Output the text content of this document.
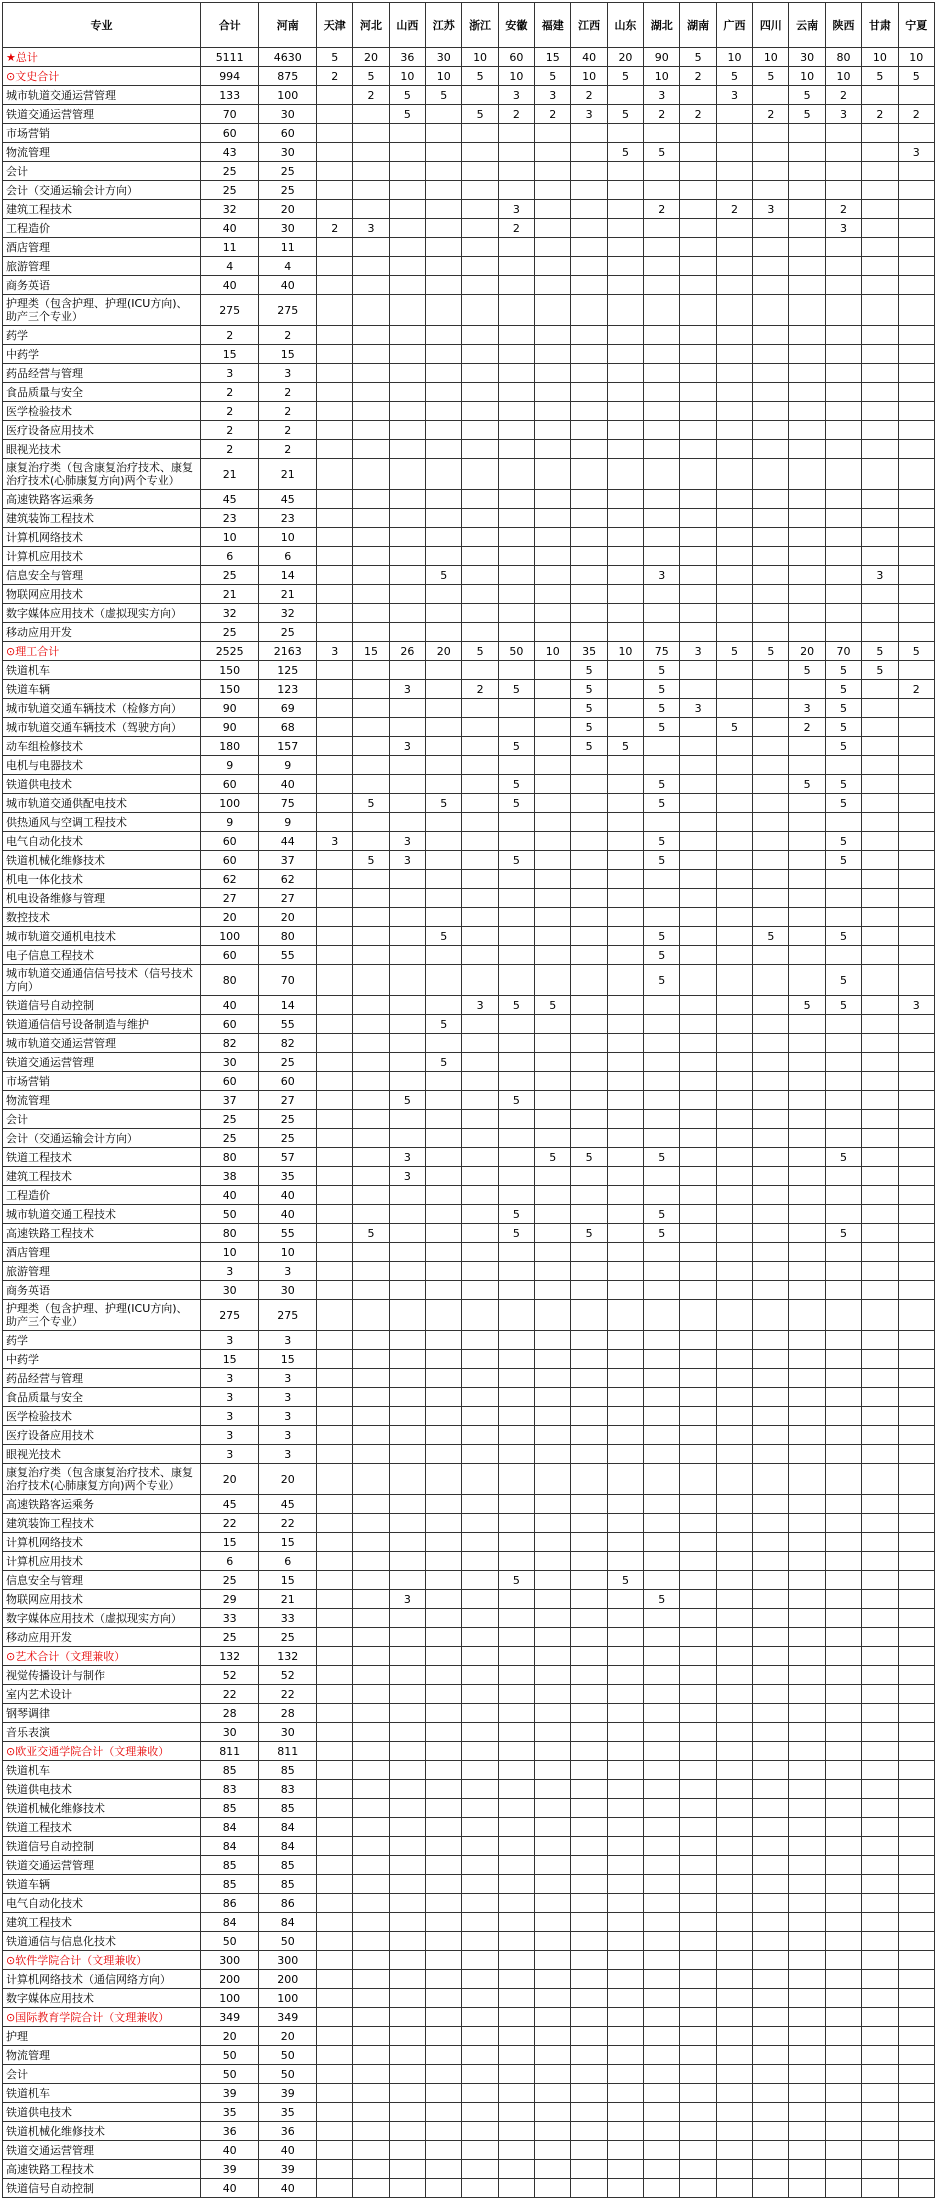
专业	合计	河南	天津	河北	山西	江苏	浙江	安徽	福建	江西	山东	湖北	湖南	广西	四川	云南	陕西	甘肃	宁夏
★总计	5111	4630	5	20	36	30	10	60	15	40	20	90	5	10	10	30	80	10	10
⊙文史合计	994	875	2	5	10	10	5	10	5	10	5	10	2	5	5	10	10	5	5
城市轨道交通运营管理	133	100		2	5	5		3	3	2		3		3		5	2		
铁道交通运营管理	70	30			5		5	2	2	3	5	2	2		2	5	3	2	2
市场营销	60	60																	
物流管理	43	30									5	5							3
会计	25	25																	
会计（交通运输会计方向）	25	25																	
建筑工程技术	32	20						3				2		2	3		2		
工程造价	40	30	2	3				2									3		
酒店管理	11	11																	
旅游管理	4	4																	
商务英语	40	40																	
护理类（包含护理、护理(ICU方向)、助产三个专业）	275	275																	
药学	2	2																	
中药学	15	15																	
药品经营与管理	3	3																	
食品质量与安全	2	2																	
医学检验技术	2	2																	
医疗设备应用技术	2	2																	
眼视光技术	2	2																	
康复治疗类（包含康复治疗技术、康复治疗技术(心肺康复方向)两个专业）	21	21																	
高速铁路客运乘务	45	45																	
建筑装饰工程技术	23	23																	
计算机网络技术	10	10																	
计算机应用技术	6	6																	
信息安全与管理	25	14				5						3						3	
物联网应用技术	21	21																	
数字媒体应用技术（虚拟现实方向）	32	32																	
移动应用开发	25	25																	
⊙理工合计	2525	2163	3	15	26	20	5	50	10	35	10	75	3	5	5	20	70	5	5
铁道机车	150	125								5		5				5	5	5	
铁道车辆	150	123			3		2	5		5		5					5		2
城市轨道交通车辆技术（检修方向）	90	69								5		5	3			3	5		
城市轨道交通车辆技术（驾驶方向）	90	68								5		5		5		2	5		
动车组检修技术	180	157			3			5		5	5						5		
电机与电器技术	9	9																	
铁道供电技术	60	40						5				5				5	5		
城市轨道交通供配电技术	100	75		5		5		5				5					5		
供热通风与空调工程技术	9	9																	
电气自动化技术	60	44	3		3							5					5		
铁道机械化维修技术	60	37		5	3			5				5					5		
机电一体化技术	62	62																	
机电设备维修与管理	27	27																	
数控技术	20	20																	
城市轨道交通机电技术	100	80				5						5			5		5		
电子信息工程技术	60	55										5							
城市轨道交通通信信号技术（信号技术方向）	80	70										5					5		
铁道信号自动控制	40	14					3	5	5							5	5		3
铁道通信信号设备制造与维护	60	55				5													
城市轨道交通运营管理	82	82																	
铁道交通运营管理	30	25				5													
市场营销	60	60																	
物流管理	37	27			5			5											
会计	25	25																	
会计（交通运输会计方向）	25	25																	
铁道工程技术	80	57			3				5	5		5					5		
建筑工程技术	38	35			3														
工程造价	40	40																	
城市轨道交通工程技术	50	40						5				5							
高速铁路工程技术	80	55		5				5		5		5					5		
酒店管理	10	10																	
旅游管理	3	3																	
商务英语	30	30																	
护理类（包含护理、护理(ICU方向)、助产三个专业）	275	275																	
药学	3	3																	
中药学	15	15																	
药品经营与管理	3	3																	
食品质量与安全	3	3																	
医学检验技术	3	3																	
医疗设备应用技术	3	3																	
眼视光技术	3	3																	
康复治疗类（包含康复治疗技术、康复治疗技术(心肺康复方向)两个专业）	20	20																	
高速铁路客运乘务	45	45																	
建筑装饰工程技术	22	22																	
计算机网络技术	15	15																	
计算机应用技术	6	6																	
信息安全与管理	25	15						5			5								
物联网应用技术	29	21			3							5							
数字媒体应用技术（虚拟现实方向）	33	33																	
移动应用开发	25	25																	
⊙艺术合计（文理兼收）	132	132																	
视觉传播设计与制作	52	52																	
室内艺术设计	22	22																	
钢琴调律	28	28																	
音乐表演	30	30																	
⊙欧亚交通学院合计（文理兼收）	811	811																	
铁道机车	85	85																	
铁道供电技术	83	83																	
铁道机械化维修技术	85	85																	
铁道工程技术	84	84																	
铁道信号自动控制	84	84																	
铁道交通运营管理	85	85																	
铁道车辆	85	85																	
电气自动化技术	86	86																	
建筑工程技术	84	84																	
铁道通信与信息化技术	50	50																	
⊙软件学院合计（文理兼收）	300	300																	
计算机网络技术（通信网络方向）	200	200																	
数字媒体应用技术	100	100																	
⊙国际教育学院合计（文理兼收）	349	349																	
护理	20	20																	
物流管理	50	50																	
会计	50	50																	
铁道机车	39	39																	
铁道供电技术	35	35																	
铁道机械化维修技术	36	36																	
铁道交通运营管理	40	40																	
高速铁路工程技术	39	39																	
铁道信号自动控制	40	40																	
